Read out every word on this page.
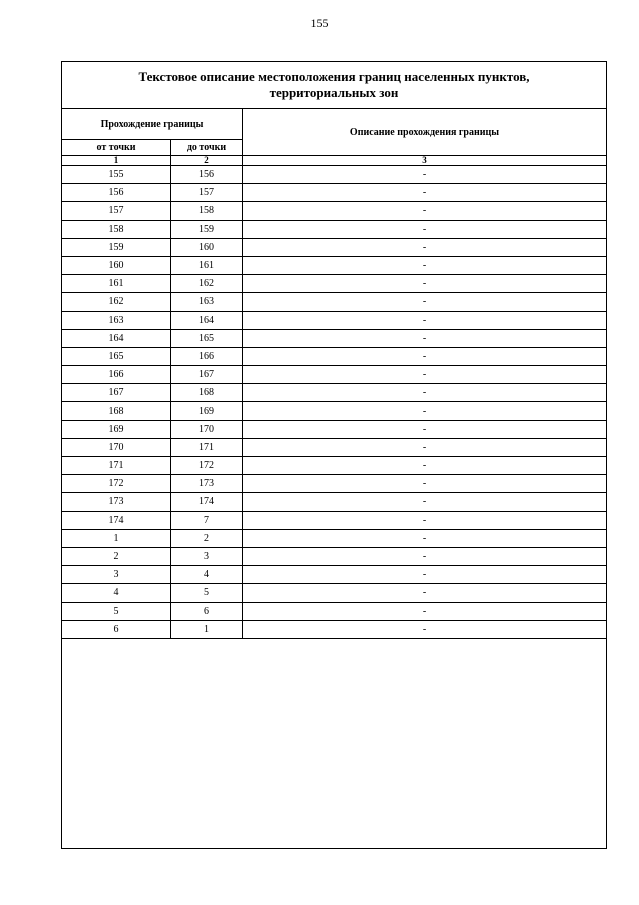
155
Текстовое описание местоположения границ населенных пунктов,
территориальных зон
Прохождение границы		Описание прохождения границы
от точки	до точки	
1	2	3
155	156	-
156	157	-
157	158	-
158	159	-
159	160	-
160	161	-
161	162	-
162	163	-
163	164	-
164	165	-
165	166	-
166	167	-
167	168	-
168	169	-
169	170	-
170	171	-
171	172	-
172	173	-
173	174	-
174	7	-
1	2	-
2	3	-
3	4	-
4	5	-
5	6	-
6	1	-
